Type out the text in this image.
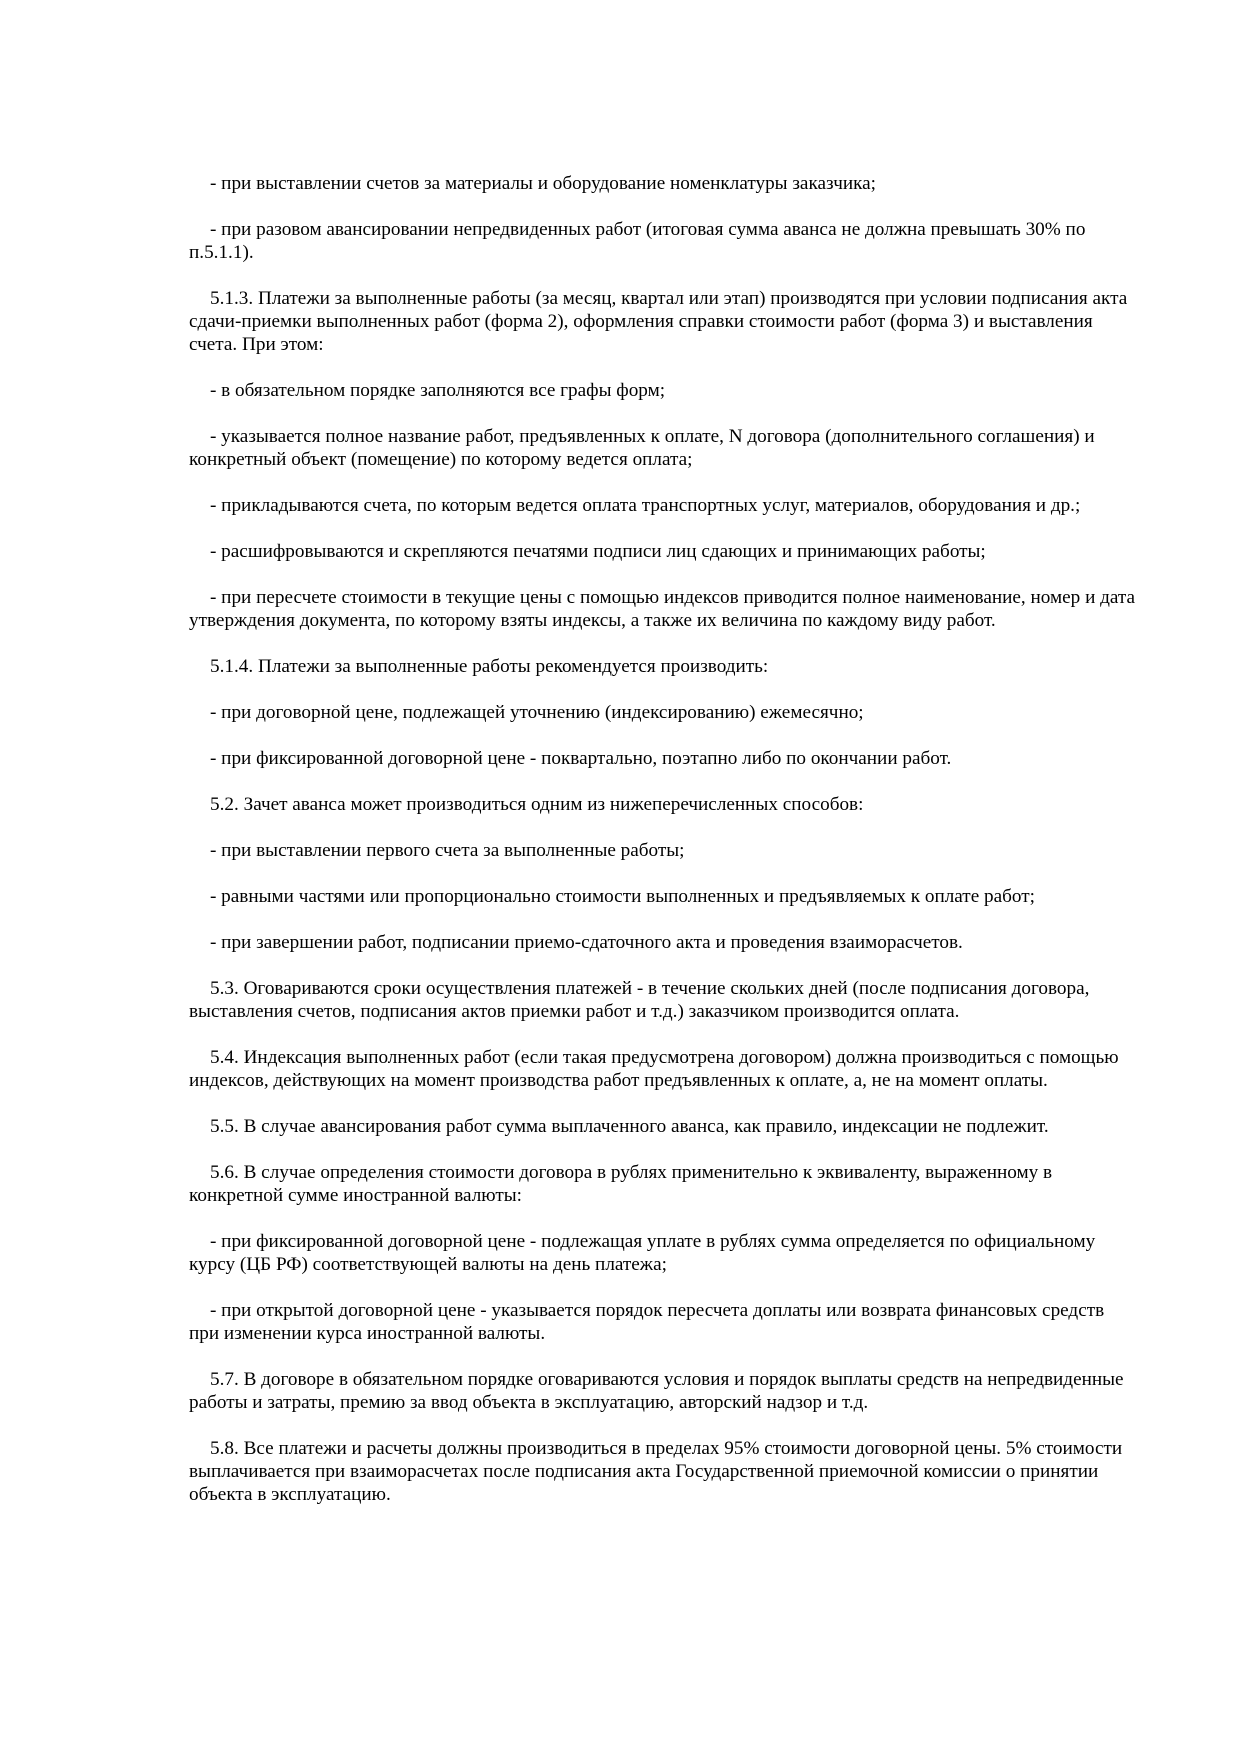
- при выставлении счетов за материалы и оборудование номенклатуры заказчика;

- при разовом авансировании непредвиденных работ (итоговая сумма аванса не должна превышать 30% по п.5.1.1).

5.1.3. Платежи за выполненные работы (за месяц, квартал или этап) производятся при условии подписания акта сдачи-приемки выполненных работ (форма 2), оформления справки стоимости работ (форма 3) и выставления счета. При этом:

- в обязательном порядке заполняются все графы форм;

- указывается полное название работ, предъявленных к оплате, N договора (дополнительного соглашения) и конкретный объект (помещение) по которому ведется оплата;

- прикладываются счета, по которым ведется оплата транспортных услуг, материалов, оборудования и др.;

- расшифровываются и скрепляются печатями подписи лиц сдающих и принимающих работы;

- при пересчете стоимости в текущие цены с помощью индексов приводится полное наименование, номер и дата утверждения документа, по которому взяты индексы, а также их величина по каждому виду работ.

5.1.4. Платежи за выполненные работы рекомендуется производить:

- при договорной цене, подлежащей уточнению (индексированию) ежемесячно;

- при фиксированной договорной цене - поквартально, поэтапно либо по окончании работ.

5.2. Зачет аванса может производиться одним из нижеперечисленных способов:

- при выставлении первого счета за выполненные работы;

- равными частями или пропорционально стоимости выполненных и предъявляемых к оплате работ;

- при завершении работ, подписании приемо-сдаточного акта и проведения взаиморасчетов.

5.3. Оговариваются сроки осуществления платежей - в течение скольких дней (после подписания договора, выставления счетов, подписания актов приемки работ и т.д.) заказчиком производится оплата.

5.4. Индексация выполненных работ (если такая предусмотрена договором) должна производиться с помощью индексов, действующих на момент производства работ предъявленных к оплате, а, не на момент оплаты.

5.5. В случае авансирования работ сумма выплаченного аванса, как правило, индексации не подлежит.

5.6. В случае определения стоимости договора в рублях применительно к эквиваленту, выраженному в конкретной сумме иностранной валюты:

- при фиксированной договорной цене - подлежащая уплате в рублях сумма определяется по официальному курсу (ЦБ РФ) соответствующей валюты на день платежа;

- при открытой договорной цене - указывается порядок пересчета доплаты или возврата финансовых средств при изменении курса иностранной валюты.

5.7. В договоре в обязательном порядке оговариваются условия и порядок выплаты средств на непредвиденные работы и затраты, премию за ввод объекта в эксплуатацию, авторский надзор и т.д.

5.8. Все платежи и расчеты должны производиться в пределах 95% стоимости договорной цены. 5% стоимости выплачивается при взаиморасчетах после подписания акта Государственной приемочной комиссии о принятии объекта в эксплуатацию.
